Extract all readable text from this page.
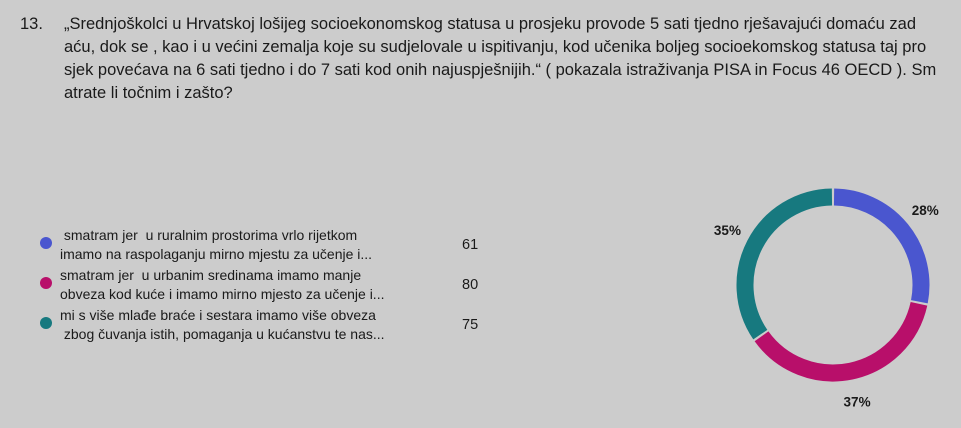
13.	„Srednjoškolci u Hrvatskoj lošijeg socioekonomskog statusa u prosjeku provode 5 sati tjedno rješavajući domaću zad aću, dok se , kao i u većini zemalja koje su sudjelovale u ispitivanju, kod učenika boljeg socioekomskog statusa taj pro sjek povećava na 6 sati tjedno i do 7 sati kod onih najuspješnijih.“ ( pokazala istraživanja PISA in Focus 46 OECD ). Sm atrate li točnim i zašto?
smatram jer  u ruralnim prostorima vrlo rijetkom
imamo na raspolaganju mirno mjestu za učenje i...
61
smatram jer  u urbanim sredinama imamo manje
obveza kod kuće i imamo mirno mjesto za učenje i...
80
mi s više mlađe braće i sestara imamo više obveza
zbog čuvanja istih, pomaganja u kućanstvu te nas...
75
28%
37%
35%
